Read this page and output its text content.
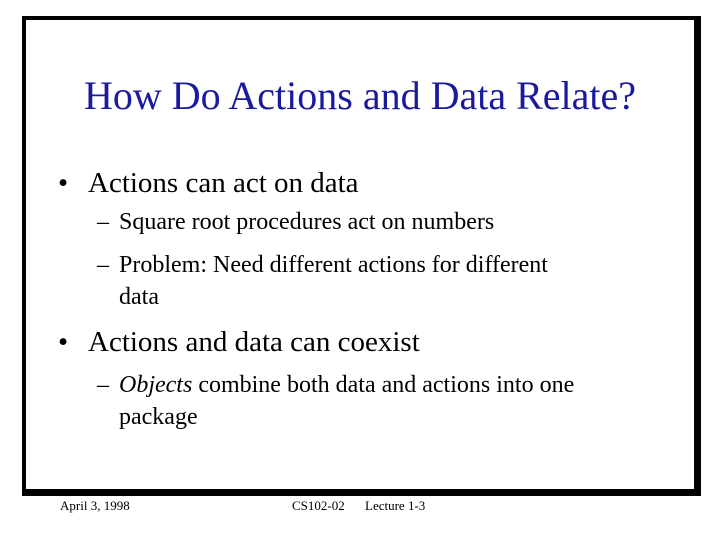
How Do Actions and Data Relate?
• Actions can act on data
– Square root procedures act on numbers
– Problem: Need different actions for different
data
• Actions and data can coexist
– Objects combine both data and actions into one
package
April 3, 1998	CS102-02 Lecture 1-3
